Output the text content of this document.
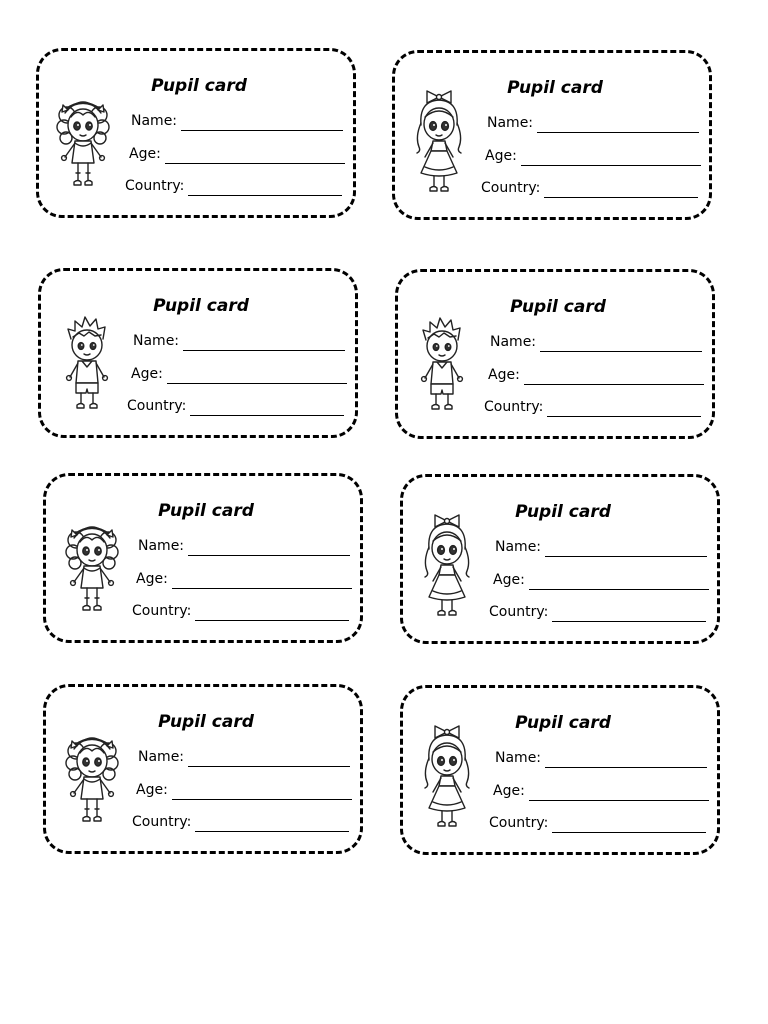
Pupil card
Name:
Age:
Country:
Pupil card
Name:
Age:
Country:
Pupil card
Name:
Age:
Country:
Pupil card
Name:
Age:
Country:
Pupil card
Name:
Age:
Country:
Pupil card
Name:
Age:
Country:
Pupil card
Name:
Age:
Country:
Pupil card
Name:
Age:
Country:
